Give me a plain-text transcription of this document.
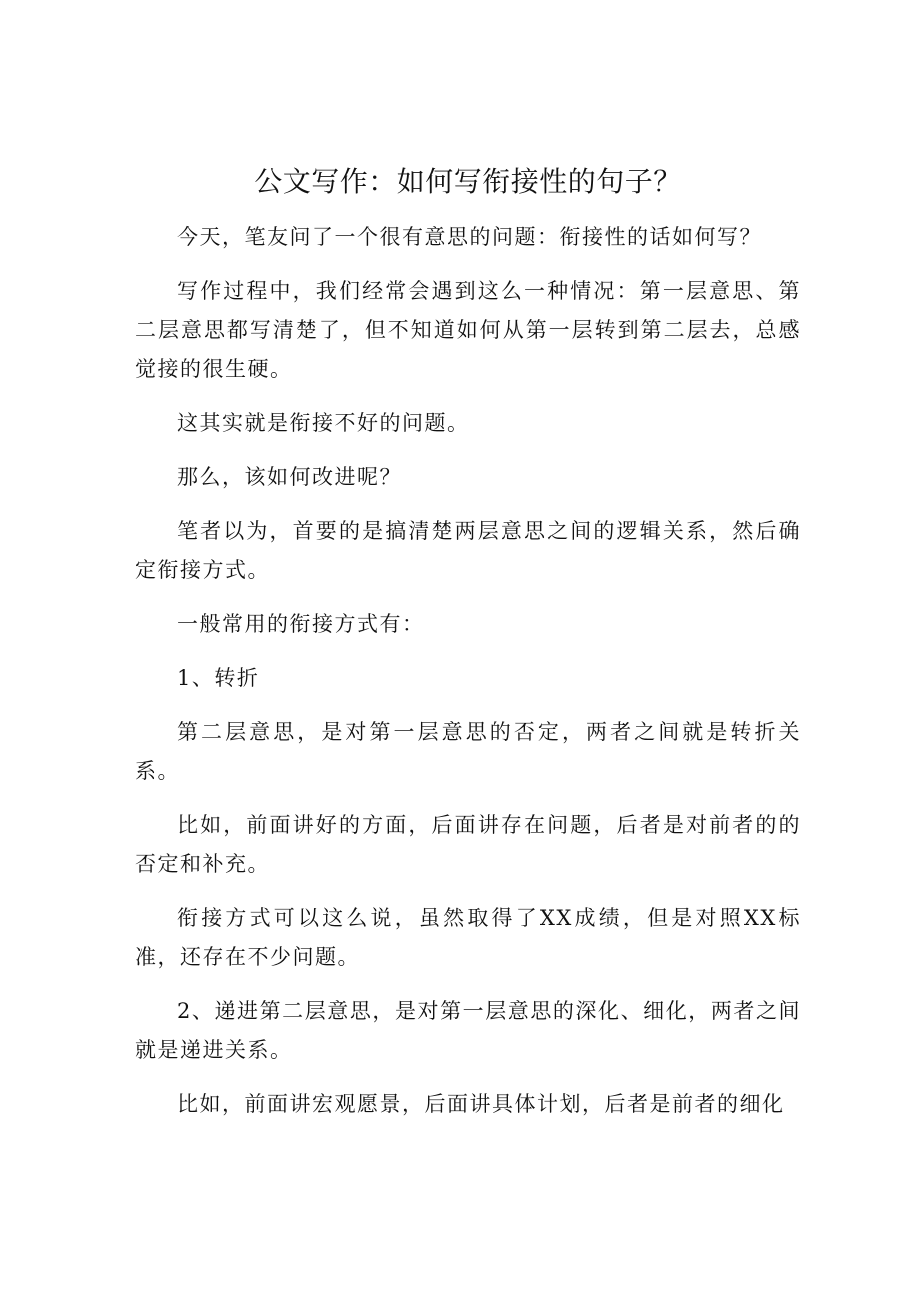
公文写作：如何写衔接性的句子？

今天，笔友问了一个很有意思的问题：衔接性的话如何写？

写作过程中，我们经常会遇到这么一种情况：第一层意思、第二层意思都写清楚了，但不知道如何从第一层转到第二层去，总感觉接的很生硬。

这其实就是衔接不好的问题。

那么，该如何改进呢？

笔者以为，首要的是搞清楚两层意思之间的逻辑关系，然后确定衔接方式。

一般常用的衔接方式有：

1、转折

第二层意思，是对第一层意思的否定，两者之间就是转折关系。

比如，前面讲好的方面，后面讲存在问题，后者是对前者的的否定和补充。

衔接方式可以这么说，虽然取得了XX成绩，但是对照XX标准，还存在不少问题。

2、递进第二层意思，是对第一层意思的深化、细化，两者之间就是递进关系。

比如，前面讲宏观愿景，后面讲具体计划，后者是前者的细化
